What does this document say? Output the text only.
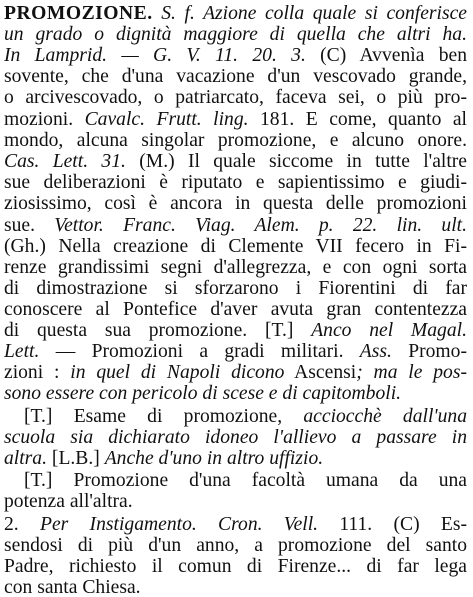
PROMOZIONE. S. f. Azione colla quale si conferisce
un grado o dignità maggiore di quella che altri ha.
In Lamprid. — G. V. 11. 20. 3. (C) Avvenìa ben
sovente, che d'una vacazione d'un vescovado grande,
o arcivescovado, o patriarcato, faceva sei, o più pro-
mozioni. Cavalc. Frutt. ling. 181. E come, quanto al
mondo, alcuna singolar promozione, e alcuno onore.
Cas. Lett. 31. (M.) Il quale siccome in tutte l'altre
sue deliberazioni è riputato e sapientissimo e giudi-
ziosissimo, così è ancora in questa delle promozioni
sue. Vettor. Franc. Viag. Alem. p. 22. lin. ult.
(Gh.) Nella creazione di Clemente VII fecero in Fi-
renze grandissimi segni d'allegrezza, e con ogni sorta
di dimostrazione si sforzarono i Fiorentini di far
conoscere al Pontefice d'aver avuta gran contentezza
di questa sua promozione. [T.] Anco nel Magal.
Lett. — Promozioni a gradi militari. Ass. Promo-
zioni : in quel di Napoli dicono Ascensi; ma le pos-
sono essere con pericolo di scese e di capitomboli.
[T.] Esame di promozione, acciocchè dall'una
scuola sia dichiarato idoneo l'allievo a passare in
altra. [L.B.] Anche d'uno in altro uffizio.
[T.] Promozione d'una facoltà umana da una
potenza all'altra.
2. Per Instigamento. Cron. Vell. 111. (C) Es-
sendosi di più d'un anno, a promozione del santo
Padre, richiesto il comun di Firenze... di far lega
con santa Chiesa.
